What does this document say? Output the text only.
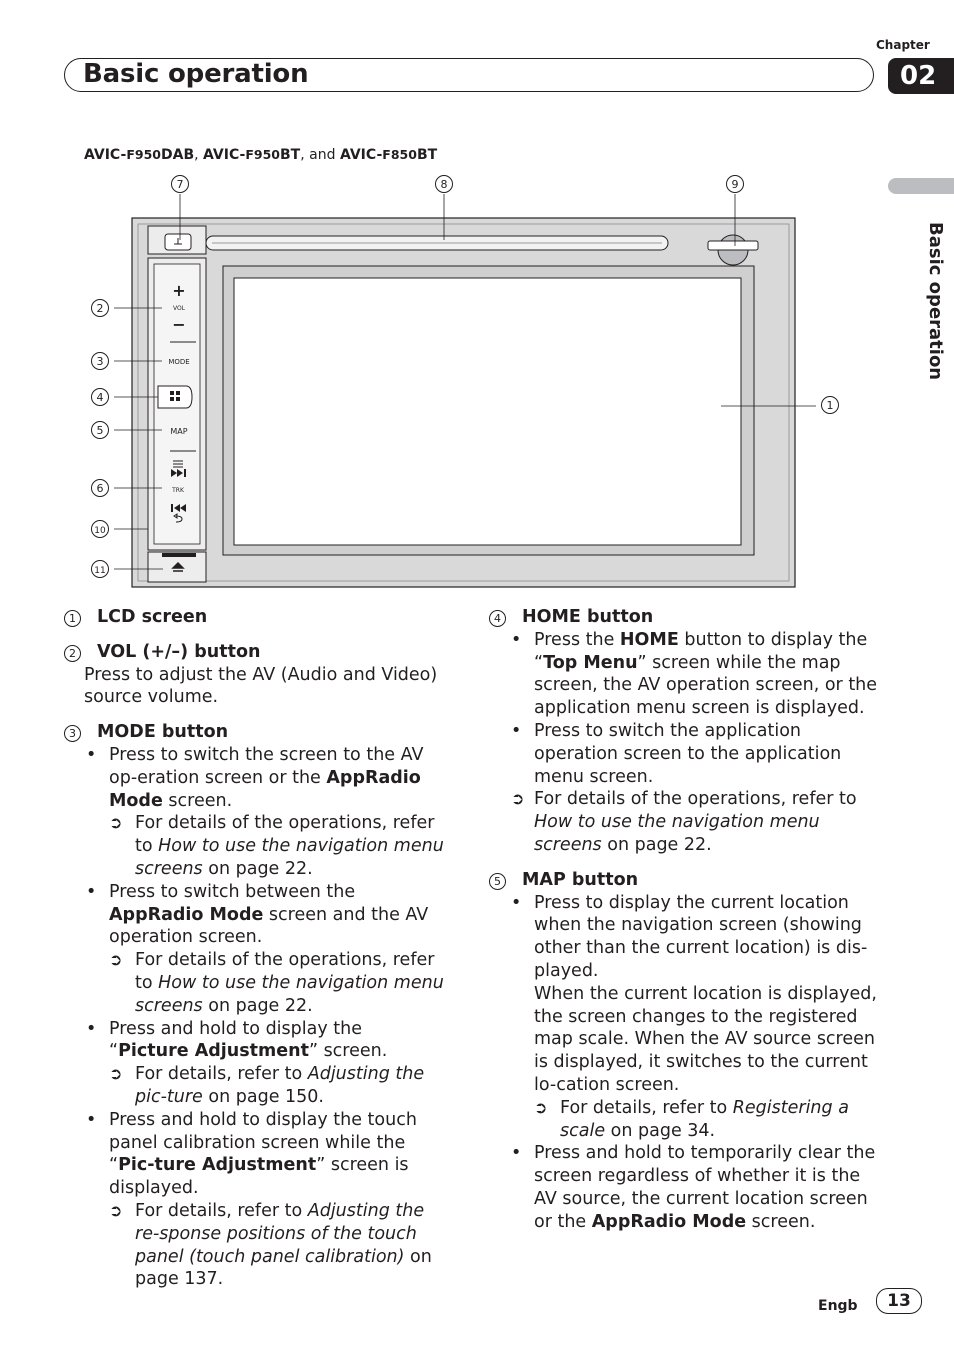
Chapter
Basic operation	02
Basic operation
AVIC-F950DAB, AVIC-F950BT, and AVIC-F850BT
+
VOL
−
MODE
MAP
TRK
1
2
3
4
5
6
7	8	9
10
11
1 LCD screen
2 VOL (+/–) button
Press to adjust the AV (Audio and Video) source volume.
3 MODE button
• Press to switch the screen to the AV op-eration screen or the AppRadio Mode screen.
➲ For details of the operations, refer to How to use the navigation menu screens on page 22.
• Press to switch between the AppRadio Mode screen and the AV operation screen.
➲ For details of the operations, refer to How to use the navigation menu screens on page 22.
• Press and hold to display the “Picture Adjustment” screen.
➲ For details, refer to Adjusting the pic-ture on page 150.
• Press and hold to display the touch panel calibration screen while the “Pic-ture Adjustment” screen is displayed.
➲ For details, refer to Adjusting the re-sponse positions of the touch panel (touch panel calibration) on page 137.
4 HOME button
• Press the HOME button to display the “Top Menu” screen while the map screen, the AV operation screen, or the application menu screen is displayed.
• Press to switch the application operation screen to the application menu screen.
➲ For details of the operations, refer to How to use the navigation menu screens on page 22.
5 MAP button
• Press to display the current location when the navigation screen (showing other than the current location) is dis-played.
When the current location is displayed, the screen changes to the registered map scale. When the AV source screen is displayed, it switches to the current lo-cation screen.
➲ For details, refer to Registering a scale on page 34.
• Press and hold to temporarily clear the screen regardless of whether it is the AV source, the current location screen or the AppRadio Mode screen.
Engb	13
